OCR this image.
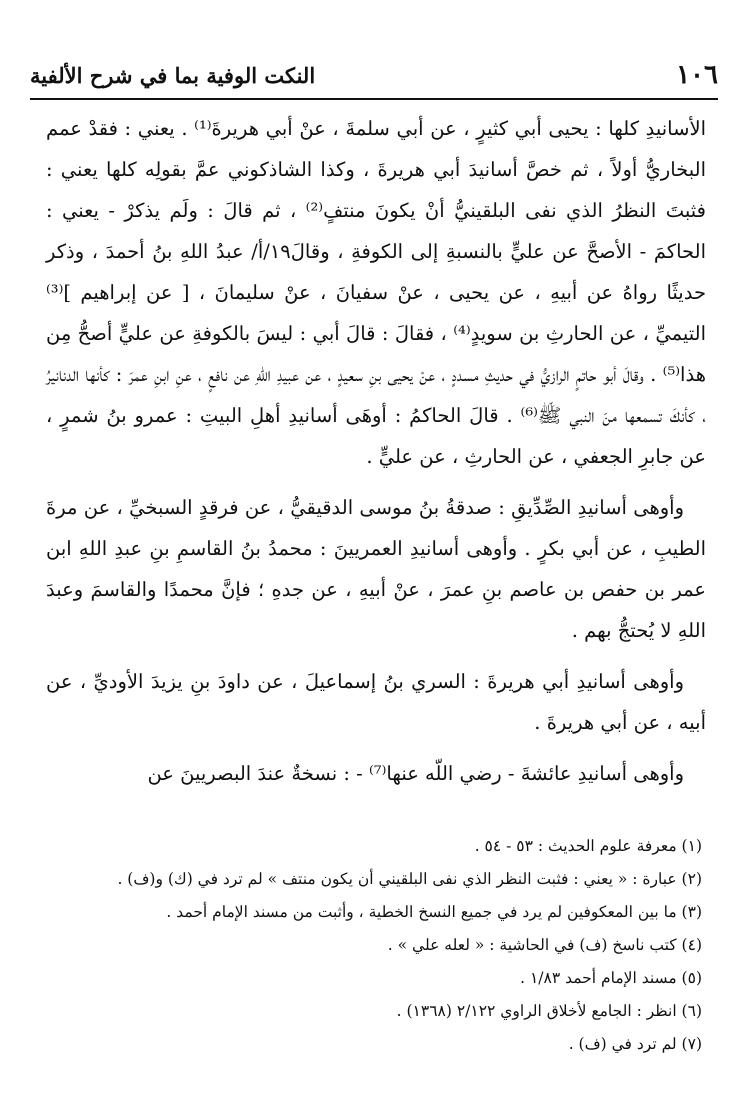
١٠٦
النكت الوفية بما في شرح الألفية

الأسانيدِ كلها : يحيى أبي كثيرٍ ، عن أبي سلمةَ ، عنْ أبي هريرةَ⁽¹⁾ . يعني : فقدْ عمم البخاريُّ أولاً ، ثم خصَّ أسانيدَ أبي هريرةَ ، وكذا الشاذكوني عمَّ بقولِه كلها يعني : فثبتَ النظرُ الذي نفى البلقينيُّ أنْ يكونَ منتفٍ⁽²⁾ ، ثم قالَ : ولَم يذكرْ - يعني : الحاكمَ - الأصحَّ عن عليٍّ بالنسبةِ إلى الكوفةِ ، وقالَ١٩/أ/ عبدُ اللهِ بنُ أحمدَ ، وذكر حديثًا رواهُ عن أبيهِ ، عن يحيى ، عنْ سفيانَ ، عنْ سليمانَ ، [ عن إبراهيم ]⁽³⁾ التيميِّ ، عن الحارثِ بن سويدٍ⁽⁴⁾ ، فقالَ : قالَ أبي : ليسَ بالكوفةِ عن عليٍّ أصحُّ مِن هذا⁽⁵⁾ . وقالَ أبو حاتمٍ الرازيُّ في حديثِ مسددٍ ، عنْ يحيى بنِ سعيدٍ ، عن عبيدِ اللهِ عن نافعٍ ، عنِ ابنِ عمرَ : كأنها الدنانيرُ ، كأنكَ تسمعها منَ النبي ﷺ⁽⁶⁾ . قالَ الحاكمُ : أوهَى أسانيدِ أهلِ البيتِ : عمرو بنُ شمرٍ ، عن جابرِ الجعفي ، عن الحارثِ ، عن عليٍّ .

وأوهى أسانيدِ الصِّدِّيقِ : صدقةُ بنُ موسى الدقيقيُّ ، عن فرقدٍ السبخيِّ ، عن مرةَ الطيبِ ، عن أبي بكرٍ . وأوهى أسانيدِ العمريينَ : محمدُ بنُ القاسمِ بنِ عبدِ اللهِ ابن عمر بن حفص بن عاصم بنِ عمرَ ، عنْ أبيهِ ، عن جدهِ ؛ فإنَّ محمدًا والقاسمَ وعبدَ اللهِ لا يُحتجُّ بهم .

وأوهى أسانيدِ أبي هريرةَ : السري بنُ إسماعيلَ ، عن داودَ بنِ يزيدَ الأوديِّ ، عن أبيه ، عن أبي هريرةَ .

وأوهى أسانيدِ عائشةَ - رضي اللّه عنها⁽⁷⁾ - : نسخةٌ عندَ البصريينَ عن

(١) معرفة علوم الحديث : ٥٣ - ٥٤ .

(٢) عبارة : « يعني : فثبت النظر الذي نفى البلقيني أن يكون منتف » لم ترد في (ك) و(ف) .

(٣) ما بين المعكوفين لم يرد في جميع النسخ الخطية ، وأثبت من مسند الإمام أحمد .

(٤) كتب ناسخ (ف) في الحاشية : « لعله علي » .

(٥) مسند الإمام أحمد ١/٨٣ .

(٦) انظر : الجامع لأخلاق الراوي ٢/١٢٢ (١٣٦٨) .

(٧) لم ترد في (ف) .
